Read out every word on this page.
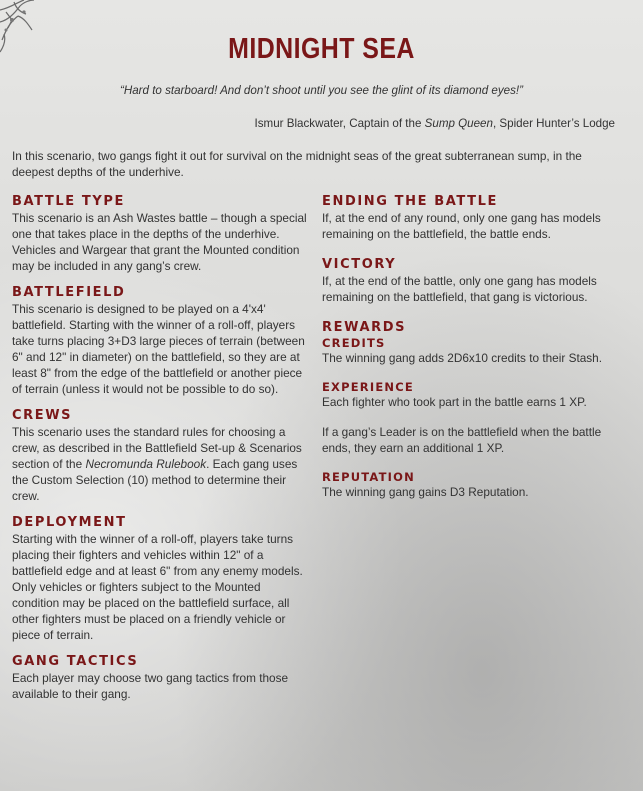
MIDNIGHT SEA
“Hard to starboard! And don’t shoot until you see the glint of its diamond eyes!”
Ismur Blackwater, Captain of the Sump Queen, Spider Hunter’s Lodge
In this scenario, two gangs fight it out for survival on the midnight seas of the great subterranean sump, in the deepest depths of the underhive.
BATTLE TYPE

This scenario is an Ash Wastes battle – though a special one that takes place in the depths of the underhive. Vehicles and Wargear that grant the Mounted condition may be included in any gang’s crew.

BATTLEFIELD

This scenario is designed to be played on a 4'x4' battlefield. Starting with the winner of a roll-off, players take turns placing 3+D3 large pieces of terrain (between 6" and 12" in diameter) on the battlefield, so they are at least 8" from the edge of the battlefield or another piece of terrain (unless it would not be possible to do so).

CREWS

This scenario uses the standard rules for choosing a crew, as described in the Battlefield Set-up & Scenarios section of the Necromunda Rulebook. Each gang uses the Custom Selection (10) method to determine their crew.

DEPLOYMENT

Starting with the winner of a roll-off, players take turns placing their fighters and vehicles within 12" of a battlefield edge and at least 6" from any enemy models. Only vehicles or fighters subject to the Mounted condition may be placed on the battlefield surface, all other fighters must be placed on a friendly vehicle or piece of terrain.

GANG TACTICS

Each player may choose two gang tactics from those available to their gang.

ENDING THE BATTLE

If, at the end of any round, only one gang has models remaining on the battlefield, the battle ends.

VICTORY

If, at the end of the battle, only one gang has models remaining on the battlefield, that gang is victorious.

REWARDS
CREDITS

The winning gang adds 2D6x10 credits to their Stash.

EXPERIENCE

Each fighter who took part in the battle earns 1 XP.

If a gang’s Leader is on the battlefield when the battle ends, they earn an additional 1 XP.

REPUTATION

The winning gang gains D3 Reputation.
